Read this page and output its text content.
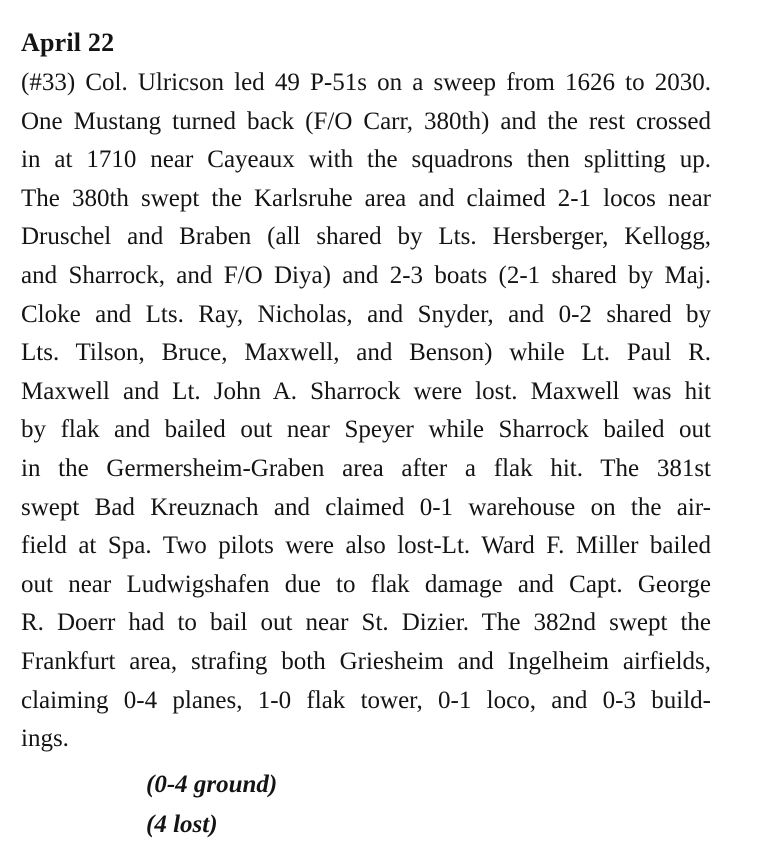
April 22

(#33) Col. Ulricson led 49 P-51s on a sweep from 1626 to 2030.
One Mustang turned back (F/O Carr, 380th) and the rest crossed
in at 1710 near Cayeaux with the squadrons then splitting up.
The 380th swept the Karlsruhe area and claimed 2-1 locos near
Druschel and Braben (all shared by Lts. Hersberger, Kellogg,
and Sharrock, and F/O Diya) and 2-3 boats (2-1 shared by Maj.
Cloke and Lts. Ray, Nicholas, and Snyder, and 0-2 shared by
Lts. Tilson, Bruce, Maxwell, and Benson) while Lt. Paul R.
Maxwell and Lt. John A. Sharrock were lost. Maxwell was hit
by flak and bailed out near Speyer while Sharrock bailed out
in the Germersheim-Graben area after a flak hit. The 381st
swept Bad Kreuznach and claimed 0-1 warehouse on the air-
field at Spa. Two pilots were also lost-Lt. Ward F. Miller bailed
out near Ludwigshafen due to flak damage and Capt. George
R. Doerr had to bail out near St. Dizier. The 382nd swept the
Frankfurt area, strafing both Griesheim and Ingelheim airfields,
claiming 0-4 planes, 1-0 flak tower, 0-1 loco, and 0-3 build-
ings.

(0-4 ground)
(4 lost)
